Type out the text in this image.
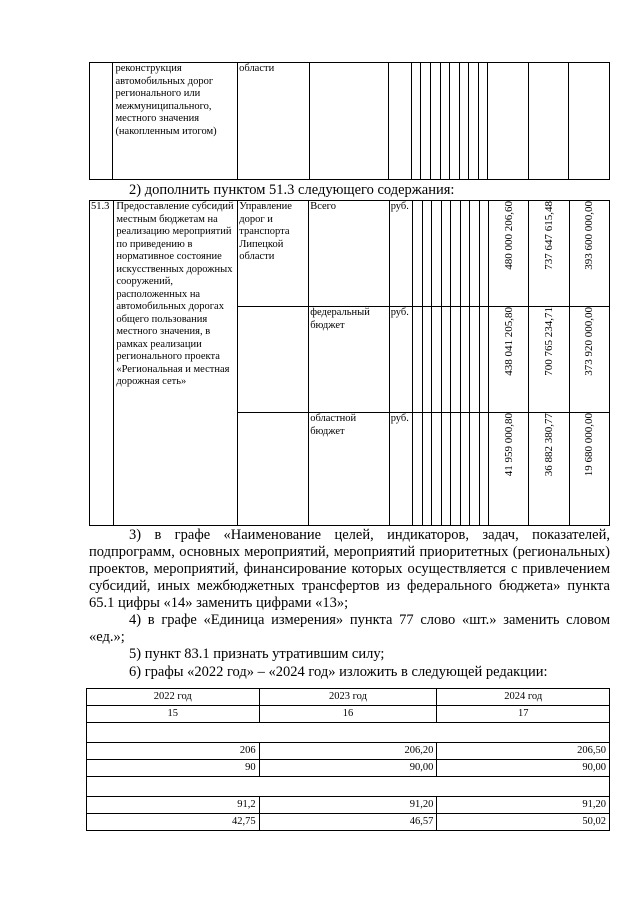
	реконструкция автомобильных дорог регионального или межмуниципального, местного значения (накопленным итогом)	области													
2) дополнить пунктом 51.3 следующего содержания:
51.3	Предоставление субсидий местным бюджетам на реализацию мероприятий по приведению в нормативное состояние искусственных дорожных сооружений, расположенных на автомобильных дорогах общего пользования местного значения, в рамках реализации регионального проекта «Региональная и местная дорожная сеть»	Управление дорог и транспорта Липецкой области	Всего	руб.									480 000 206,60	737 647 615,48	393 600 000,00
			федеральный бюджет	руб.									438 041 205,80	700 765 234,71	373 920 000,00
			областной бюджет	руб.									41 959 000,80	36 882 380,77	19 680 000,00
3) в графе «Наименование целей, индикаторов, задач, показателей, подпрограмм, основных мероприятий, мероприятий приоритетных (региональных) проектов, мероприятий, финансирование которых осуществляется с привлечением субсидий, иных межбюджетных трансфертов из федерального бюджета» пункта 65.1 цифры «14» заменить цифрами «13»;
4) в графе «Единица измерения» пункта 77 слово «шт.» заменить словом «ед.»;
5) пункт 83.1 признать утратившим силу;
6) графы «2022 год» – «2024 год» изложить в следующей редакции:
2022 год	2023 год	2024 год
15	16	17

206	206,20	206,50
90	90,00	90,00

91,2	91,20	91,20
42,75	46,57	50,02
